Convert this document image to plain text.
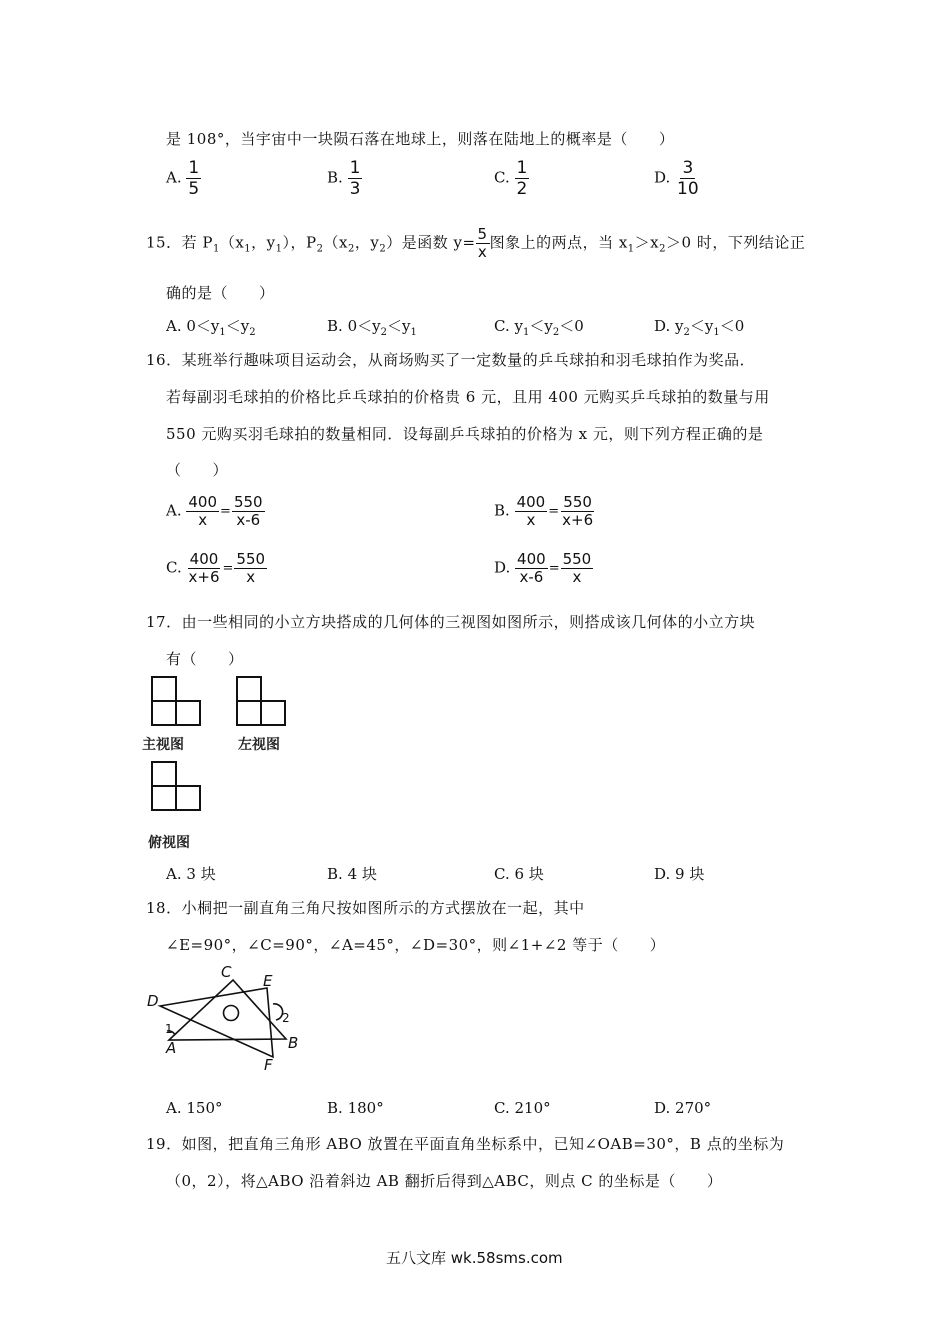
是 108°，当宇宙中一块陨石落在地球上，则落在陆地上的概率是（　　）
A. $\frac{1}{5}$	B. $\frac{1}{3}$	C. $\frac{1}{2}$	D. $\frac{3}{10}$
15．若 $P_1(x_1$，$y_1$），$P_2(x_2$，$y_2$）是函数 $y= \frac{5}{x}$ 图象上的两点，当 $x_1>x_2>0$ 时，下列结论正
确的是（　　）
A. $0<y_1<y_2$	B. $0<y_2<y_1$	C. $y_1<y_2<0$	D. $y_2<y_1<0$
16．某班举行趣味项目运动会，从商场购买了一定数量的乒乓球拍和羽毛球拍作为奖品．
若每副羽毛球拍的价格比乒乓球拍的价格贵 6 元，且用 400 元购买乒乓球拍的数量与用
550 元购买羽毛球拍的数量相同．设每副乒乓球拍的价格为 x 元，则下列方程正确的是
（　　）
A. $\frac{400}{x} = \frac{550}{x-6}$	B. $\frac{400}{x} = \frac{550}{x+6}$
C. $\frac{400}{x+6} = \frac{550}{x}$	D. $\frac{400}{x-6} = \frac{550}{x}$
17．由一些相同的小立方块搭成的几何体的三视图如图所示，则搭成该几何体的小立方块
有（　　）
主视图	左视图
俯视图
A. 3 块	B. 4 块	C. 6 块	D. 9 块
18．小桐把一副直角三角尺按如图所示的方式摆放在一起，其中
∠E=90°，∠C=90°，∠A=45°，∠D=30°，则∠1+∠2 等于（　　）
C E
D
A	B
F
1
2
A. 150°	B. 180°	C. 210°	D. 270°
19．如图，把直角三角形 ABO 放置在平面直角坐标系中，已知∠OAB=30°，B 点的坐标为
（0，2），将△ABO 沿着斜边 AB 翻折后得到△ABC，则点 C 的坐标是（　　）
五八文库 wk.58sms.com
